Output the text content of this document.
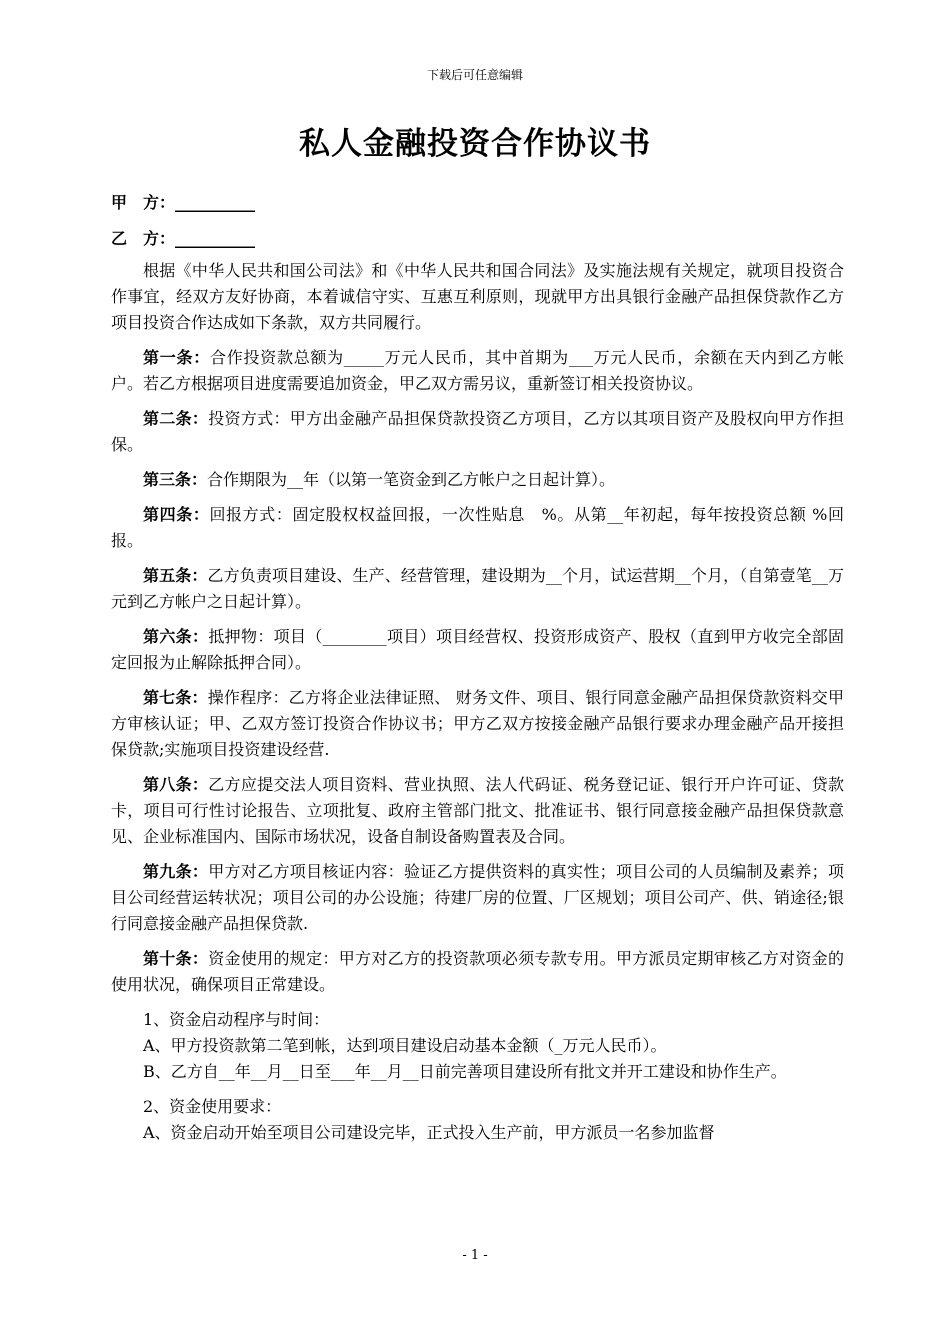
下载后可任意编辑
私人金融投资合作协议书
甲　方：__________
乙　方：__________

根据《中华人民共和国公司法》和《中华人民共和国合同法》及实施法规有关规定，就项目投资合作事宜，经双方友好协商，本着诚信守实、互惠互利原则，现就甲方出具银行金融产品担保贷款作乙方项目投资合作达成如下条款，双方共同履行。

第一条：合作投资款总额为_____万元人民币，其中首期为___万元人民币，余额在天内到乙方帐户。若乙方根据项目进度需要追加资金，甲乙双方需另议，重新签订相关投资协议。

第二条：投资方式：甲方出金融产品担保贷款投资乙方项目，乙方以其项目资产及股权向甲方作担保。

第三条：合作期限为__年（以第一笔资金到乙方帐户之日起计算）。

第四条：回报方式：固定股权权益回报，一次性贴息　%。从第__年初起，每年按投资总额 %回报。

第五条：乙方负责项目建设、生产、经营管理，建设期为__个月，试运营期__个月，（自第壹笔__万元到乙方帐户之日起计算）。

第六条：抵押物：项目（________项目）项目经营权、投资形成资产、股权（直到甲方收完全部固定回报为止解除抵押合同）。

第七条：操作程序：乙方将企业法律证照、 财务文件、项目、银行同意金融产品担保贷款资料交甲方审核认证；甲、乙双方签订投资合作协议书；甲方乙双方按接金融产品银行要求办理金融产品开接担保贷款;实施项目投资建设经营.

第八条：乙方应提交法人项目资料、营业执照、法人代码证、税务登记证、银行开户许可证、贷款卡，项目可行性讨论报告、立项批复、政府主管部门批文、批准证书、银行同意接金融产品担保贷款意见、企业标准国内、国际市场状况，设备自制设备购置表及合同。

第九条：甲方对乙方项目核证内容：验证乙方提供资料的真实性；项目公司的人员编制及素养；项目公司经营运转状况；项目公司的办公设施；待建厂房的位置、厂区规划；项目公司产、供、销途径;银行同意接金融产品担保贷款.

第十条：资金使用的规定：甲方对乙方的投资款项必须专款专用。甲方派员定期审核乙方对资金的使用状况，确保项目正常建设。

1、资金启动程序与时间：

A、甲方投资款第二笔到帐，达到项目建设启动基本金额（_万元人民币）。

B、乙方自__年__月__日至___年__月__日前完善项目建设所有批文并开工建设和协作生产。

2、资金使用要求：

A、资金启动开始至项目公司建设完毕，正式投入生产前，甲方派员一名参加监督

- 1 -
